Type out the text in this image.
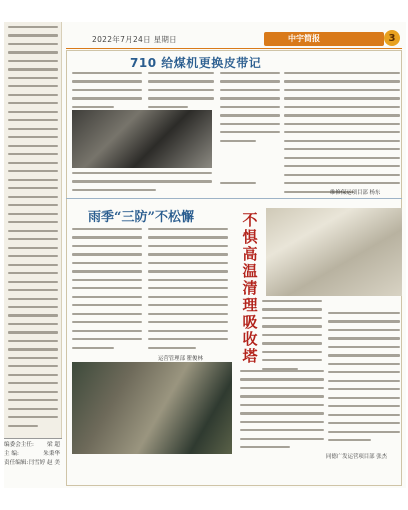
2022年7月24日 星期日	中宇简报	3
编委会主任: 梁 超
主 编:	朱秉华
责任编辑: 闫雪婷 赵 美
710 给煤机更换皮带记
维修保运项目部 杨东
雨季“三防”不松懈
运营管理部 瞿俊林
不
惧
高
温
清
理
吸
收
塔
同德广发运营项目部 张杰
